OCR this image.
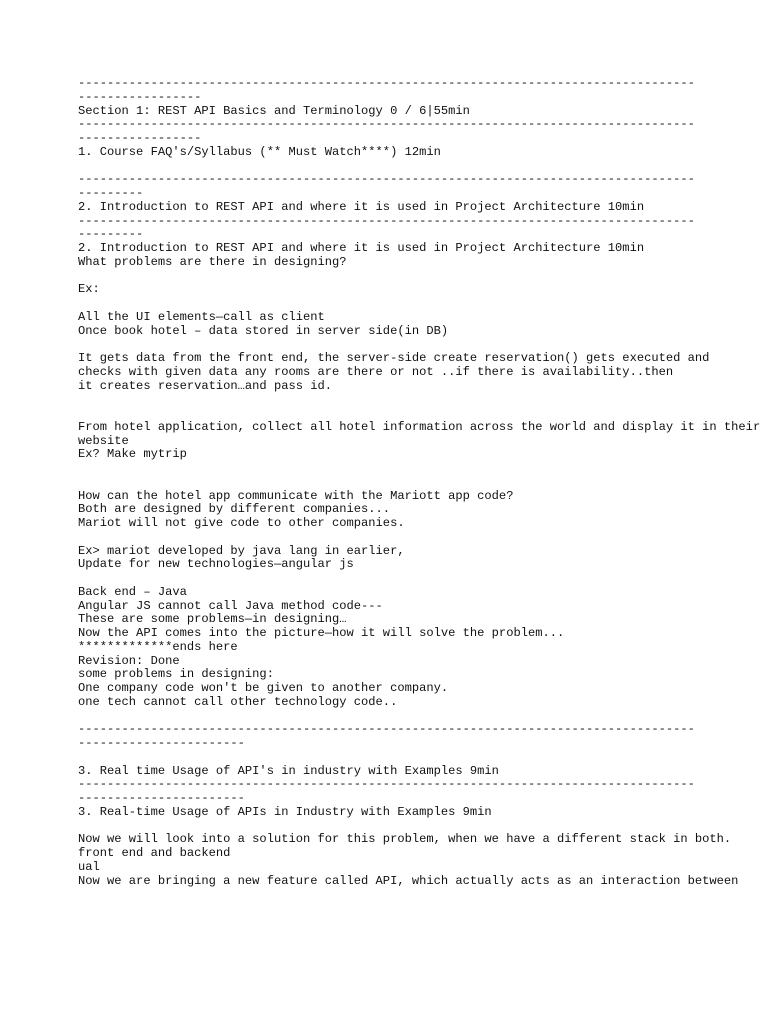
-------------------------------------------------------------------------------------
-----------------
Section 1: REST API Basics and Terminology 0 / 6|55min
-------------------------------------------------------------------------------------
-----------------
1. Course FAQ's/Syllabus (** Must Watch****) 12min
-------------------------------------------------------------------------------------
---------
2. Introduction to REST API and where it is used in Project Architecture 10min
-------------------------------------------------------------------------------------
---------
2. Introduction to REST API and where it is used in Project Architecture 10min
What problems are there in designing?
Ex:
All the UI elements—call as client
Once book hotel – data stored in server side(in DB)
It gets data from the front end, the server-side create reservation() gets executed and
checks with given data any rooms are there or not ..if there is availability..then
it creates reservation…and pass id.
From hotel application, collect all hotel information across the world and display it in their
website
Ex? Make mytrip
How can the hotel app communicate with the Mariott app code?
Both are designed by different companies...
Mariot will not give code to other companies.
Ex> mariot developed by java lang in earlier,
Update for new technologies—angular js
Back end – Java
Angular JS cannot call Java method code---
These are some problems—in designing…
Now the API comes into the picture—how it will solve the problem...
*************ends here
Revision: Done
some problems in designing:
One company code won't be given to another company.
one tech cannot call other technology code..
-------------------------------------------------------------------------------------
-----------------------
3. Real time Usage of API's in industry with Examples 9min
-------------------------------------------------------------------------------------
-----------------------
3. Real-time Usage of APIs in Industry with Examples 9min
Now we will look into a solution for this problem, when we have a different stack in both.
front end and backend
ual
Now we are bringing a new feature called API, which actually acts as an interaction between
